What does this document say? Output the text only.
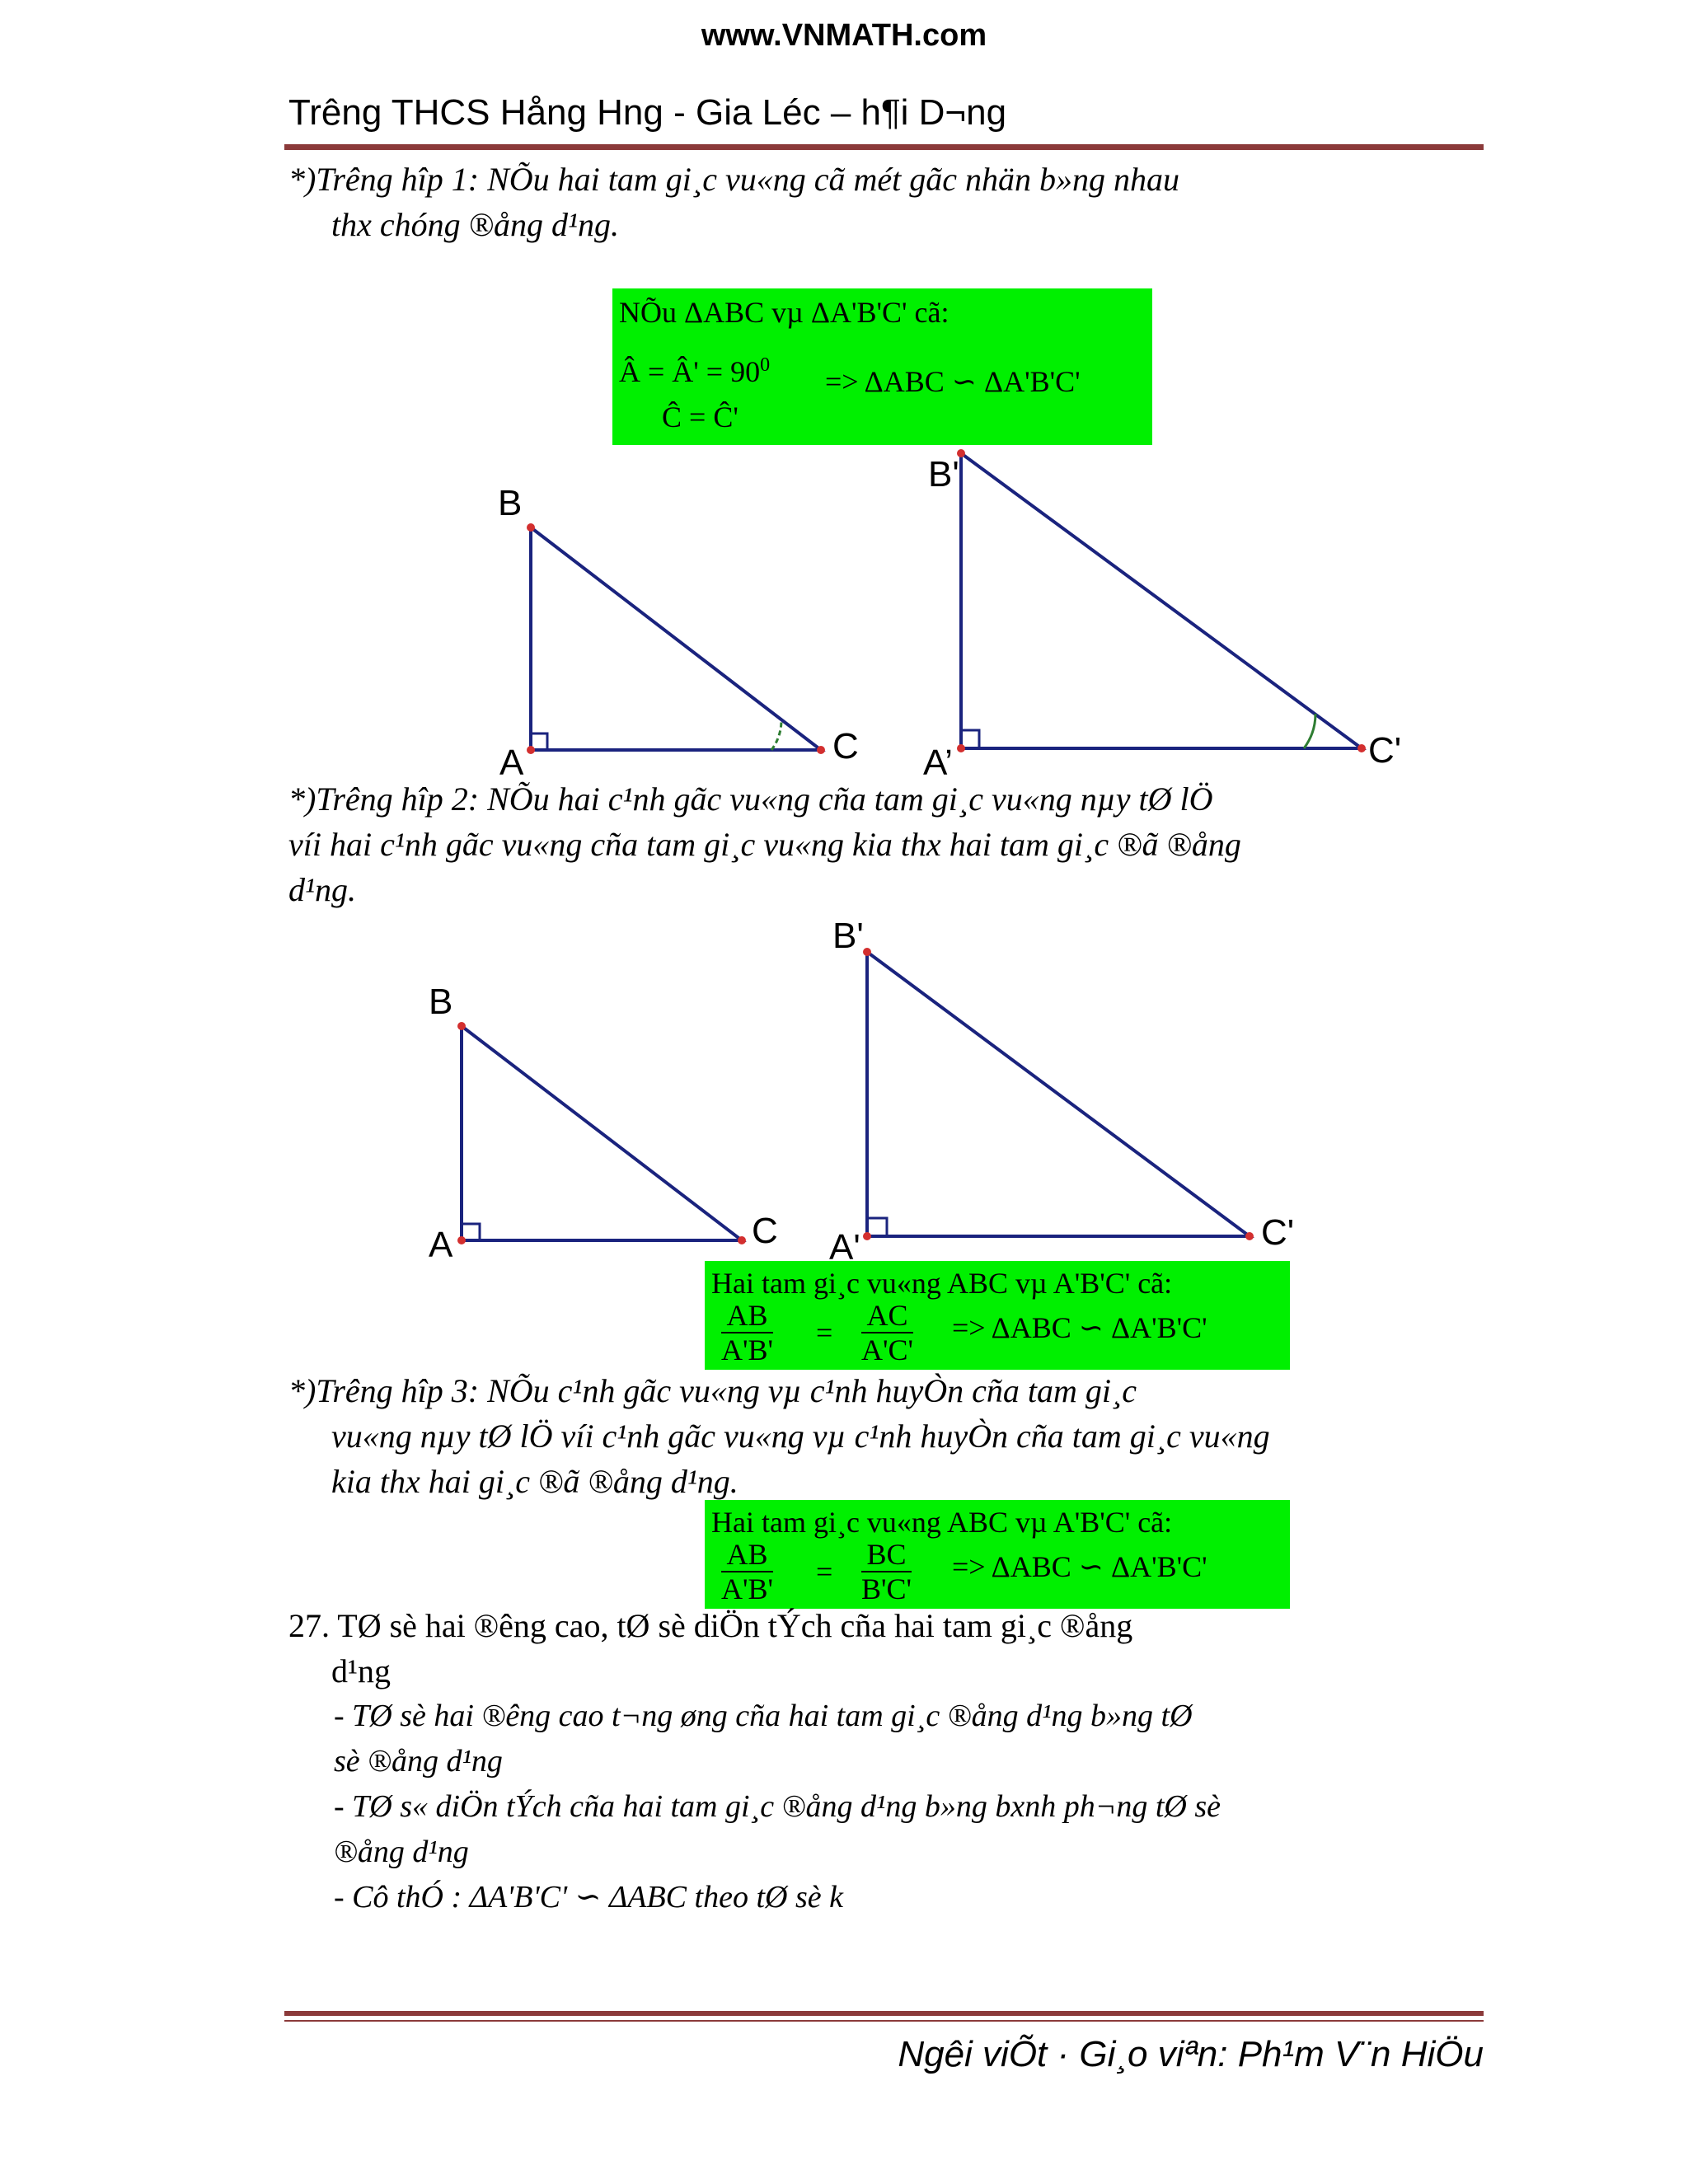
www.VNMATH.com
Trêng THCS Hång Hng - Gia Léc – h¶i D¬ng
*)Trêng hîp 1: NÕu hai tam gi¸c vu«ng cã mét gãc nhän b»ng nhau
thx chóng ®ång d¹ng.
NÕu ΔABC vµ ΔA'B'C' cã:
Â = Â' = $90^0$
Ĉ = Ĉ'
=> ΔABC ∽ ΔA'B'C'
B
A	C
B'
A’	C'
*)Trêng hîp 2: NÕu hai c¹nh gãc vu«ng cña tam gi¸c vu«ng nµy tØ lÖ
víi hai c¹nh gãc vu«ng cña tam gi¸c vu«ng kia thx hai tam gi¸c ®ã ®ång
d¹ng.
B
A	C
B'
A'	C'
Hai tam gi¸c vu«ng ABC vµ A'B'C' cã:
$\frac{AB}{A'B'} = \frac{AC}{A'C'} => \Delta ABC$ ∽ ΔA'B'C'
*)Trêng hîp 3: NÕu c¹nh gãc vu«ng vµ c¹nh huyÒn cña tam gi¸c
vu«ng nµy tØ lÖ víi c¹nh gãc vu«ng vµ c¹nh huyÒn cña tam gi¸c vu«ng
kia thx hai gi¸c ®ã ®ång d¹ng.
Hai tam gi¸c vu«ng ABC vµ A'B'C' cã:
$\frac{AB}{A'B'} = \frac{BC}{B'C'} => \Delta ABC$ ∽ ΔA'B'C'
27. TØ sè hai ®êng cao, tØ sè diÖn tÝch cña hai tam gi¸c ®ång
d¹ng
- TØ sè hai ®êng cao t¬ng øng cña hai tam gi¸c ®ång d¹ng b»ng tØ
sè ®ång d¹ng
- TØ s« diÖn tÝch cña hai tam gi¸c ®ång d¹ng b»ng bxnh ph¬ng tØ sè
®ång d¹ng
- Cô thÓ : ΔA'B'C' ∽ ΔABC theo tØ sè k
Ngêi viÕt · Gi¸o viªn: Ph¹m V¨n HiÖu
